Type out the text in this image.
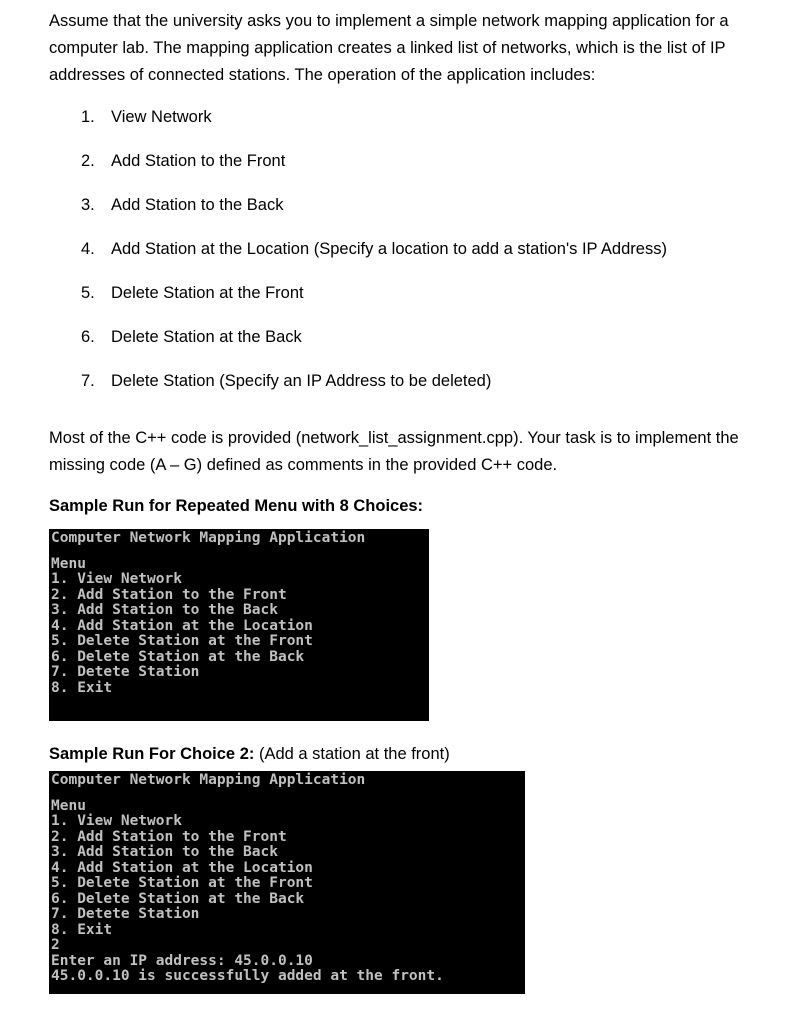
Assume that the university asks you to implement a simple network mapping application for a computer lab. The mapping application creates a linked list of networks, which is the list of IP addresses of connected stations. The operation of the application includes:

1. View Network
2. Add Station to the Front
3. Add Station to the Back
4. Add Station at the Location (Specify a location to add a station's IP Address)
5. Delete Station at the Front
6. Delete Station at the Back
7. Delete Station (Specify an IP Address to be deleted)

Most of the C++ code is provided (network_list_assignment.cpp). Your task is to implement the missing code (A – G) defined as comments in the provided C++ code.

Sample Run for Repeated Menu with 8 Choices:

Computer Network Mapping Application
Menu
1. View Network
2. Add Station to the Front
3. Add Station to the Back
4. Add Station at the Location
5. Delete Station at the Front
6. Delete Station at the Back
7. Detete Station
8. Exit

Sample Run For Choice 2: (Add a station at the front)

Computer Network Mapping Application
Menu
1. View Network
2. Add Station to the Front
3. Add Station to the Back
4. Add Station at the Location
5. Delete Station at the Front
6. Delete Station at the Back
7. Detete Station
8. Exit
2
Enter an IP address: 45.0.0.10
45.0.0.10 is successfully added at the front.
